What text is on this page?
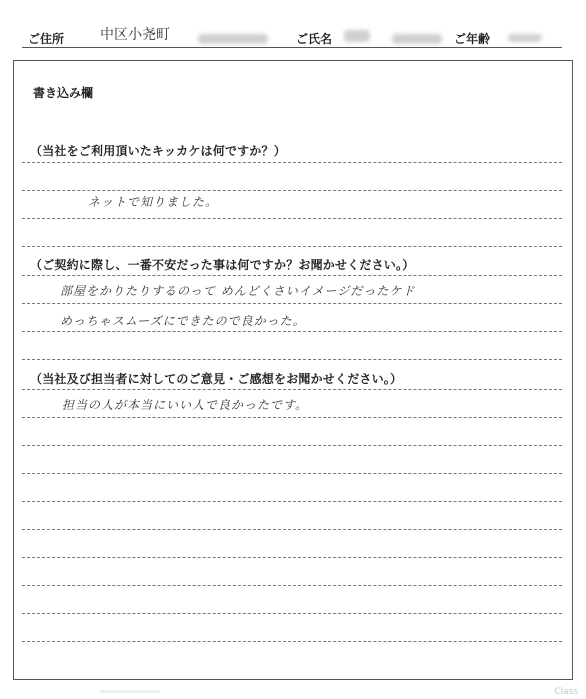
ご住所	中区小尧町	ご氏名	ご年齢
書き込み欄
（当社をご利用頂いたキッカケは何ですか？）
ネットで知りました。
（ご契約に際し、一番不安だった事は何ですか？お聞かせください。）
部屋をかりたりするのって めんどくさいイメージだったケド
めっちゃスムーズにできたので良かった。
（当社及び担当者に対してのご意見・ご感想をお聞かせください。）
担当の人が本当にいい人で良かったです。
Class
